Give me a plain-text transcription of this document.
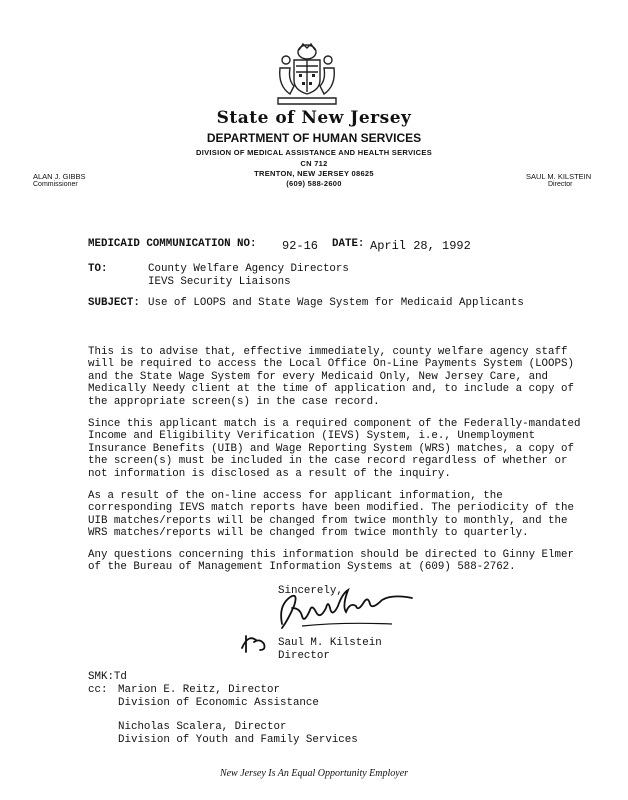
State of New Jersey
DEPARTMENT OF HUMAN SERVICES
DIVISION OF MEDICAL ASSISTANCE AND HEALTH SERVICES
CN 712
TRENTON, NEW JERSEY 08625
(609) 588-2600
ALAN J. GIBBS
Commissioner
SAUL M. KILSTEIN
Director
MEDICAID COMMUNICATION NO: 92-16 DATE: April 28, 1992
TO:	County Welfare Agency Directors
IEVS Security Liaisons
SUBJECT: Use of LOOPS and State Wage System for Medicaid Applicants
This is to advise that, effective immediately, county welfare agency staff
will be required to access the Local Office On-Line Payments System (LOOPS)
and the State Wage System for every Medicaid Only, New Jersey Care, and
Medically Needy client at the time of application and, to include a copy of
the appropriate screen(s) in the case record.
Since this applicant match is a required component of the Federally-mandated
Income and Eligibility Verification (IEVS) System, i.e., Unemployment
Insurance Benefits (UIB) and Wage Reporting System (WRS) matches, a copy of
the screen(s) must be included in the case record regardless of whether or
not information is disclosed as a result of the inquiry.
As a result of the on-line access for applicant information, the
corresponding IEVS match reports have been modified. The periodicity of the
UIB matches/reports will be changed from twice monthly to monthly, and the
WRS matches/reports will be changed from twice monthly to quarterly.
Any questions concerning this information should be directed to Ginny Elmer
of the Bureau of Management Information Systems at (609) 588-2762.
Sincerely,
Saul M. Kilstein
Director
SMK:Td
cc: Marion E. Reitz, Director
Division of Economic Assistance
Nicholas Scalera, Director
Division of Youth and Family Services
New Jersey Is An Equal Opportunity Employer
